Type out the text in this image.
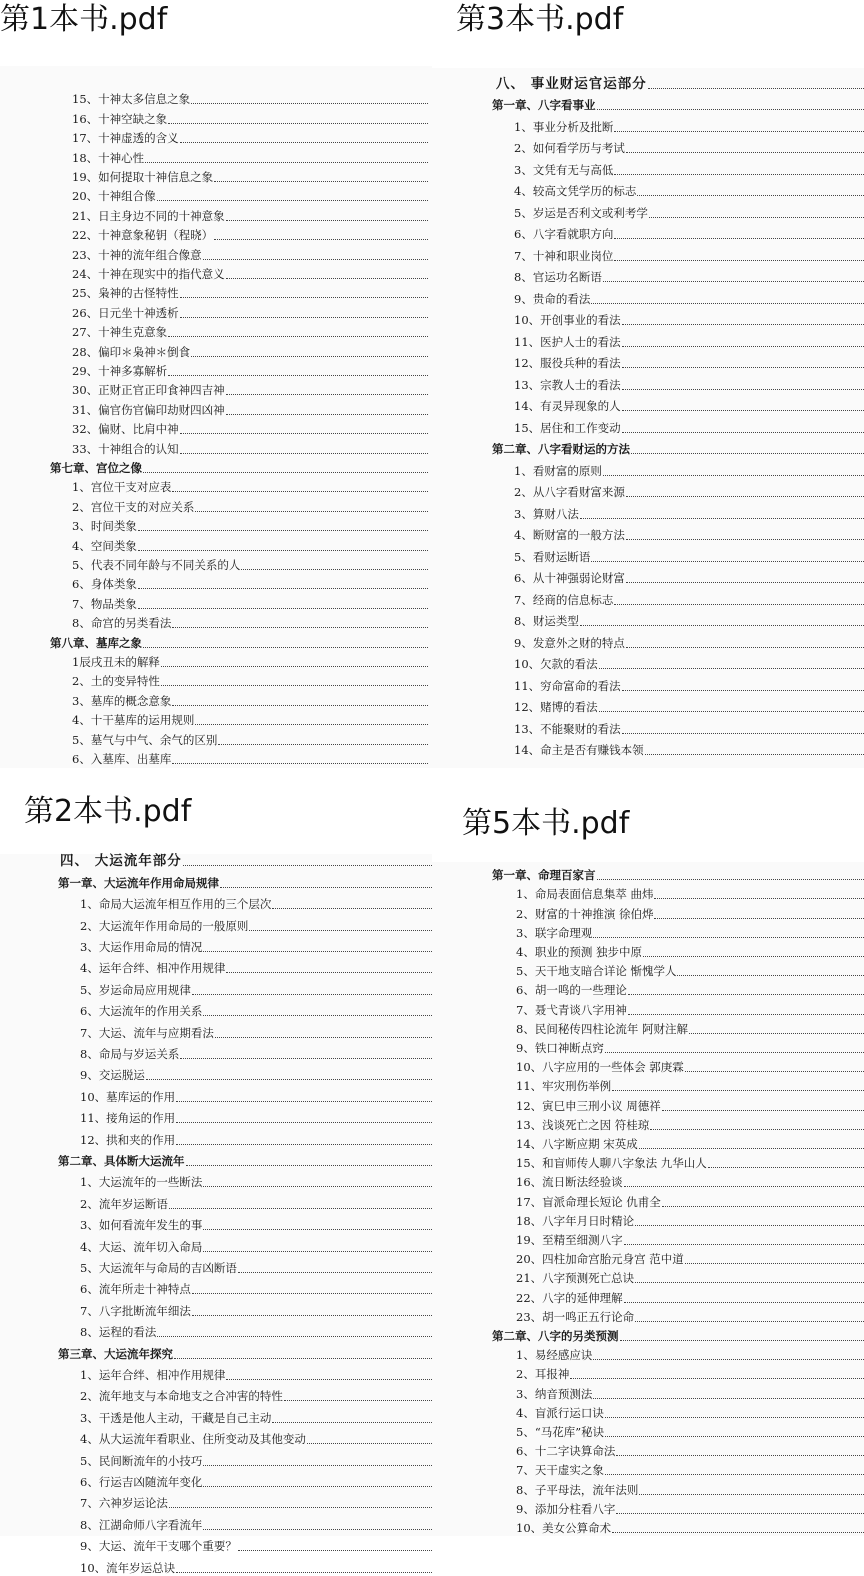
第1本书.pdf
15、十神太多信息之象
16、十神空缺之象
17、十神虚透的含义
18、十神心性
19、如何提取十神信息之象
20、十神组合像
21、日主身边不同的十神意象
22、十神意象秘钥（程晓）
23、十神的流年组合像意
24、十神在现实中的指代意义
25、枭神的古怪特性
26、日元坐十神透析
27、十神生克意象
28、偏印＊枭神＊倒食
29、十神多寡解析
30、正财正官正印食神四吉神
31、偏官伤官偏印劫财四凶神
32、偏财、比肩中神
33、十神组合的认知
第七章、宫位之像
1、宫位干支对应表
2、宫位干支的对应关系
3、时间类象
4、空间类象
5、代表不同年龄与不同关系的人
6、身体类象
7、物品类象
8、命宫的另类看法
第八章、墓库之象
1辰戌丑未的解释
2、土的变异特性
3、墓库的概念意象
4、十干墓库的运用规则
5、墓气与中气、余气的区别
6、入墓库、出墓库
第3本书.pdf
八、 事业财运官运部分
第一章、八字看事业
1、事业分析及批断
2、如何看学历与考试
3、文凭有无与高低
4、较高文凭学历的标志
5、岁运是否利文或利考学
6、八字看就职方向
7、十神和职业岗位
8、官运功名断语
9、贵命的看法
10、开创事业的看法
11、医护人士的看法
12、服役兵种的看法
13、宗教人士的看法
14、有灵异现象的人
15、居住和工作变动
第二章、八字看财运的方法
1、看财富的原则
2、从八字看财富来源
3、算财八法
4、断财富的一般方法
5、看财运断语
6、从十神强弱论财富
7、经商的信息标志
8、财运类型
9、发意外之财的特点
10、欠款的看法
11、穷命富命的看法
12、赌博的看法
13、不能聚财的看法
14、命主是否有赚钱本领
第2本书.pdf
四、 大运流年部分
第一章、大运流年作用命局规律
1、命局大运流年相互作用的三个层次
2、大运流年作用命局的一般原则
3、大运作用命局的情况
4、运年合绊、相冲作用规律
5、岁运命局应用规律
6、大运流年的作用关系
7、大运、流年与应期看法
8、命局与岁运关系
9、交运脱运
10、墓库运的作用
11、接角运的作用
12、拱和夹的作用
第二章、具体断大运流年
1、大运流年的一些断法
2、流年岁运断语
3、如何看流年发生的事
4、大运、流年切入命局
5、大运流年与命局的吉凶断语
6、流年所走十神特点
7、八字批断流年细法
8、运程的看法
第三章、大运流年探究
1、运年合绊、相冲作用规律
2、流年地支与本命地支之合冲害的特性
3、干透是他人主动，干藏是自己主动
4、从大运流年看职业、住所变动及其他变动
5、民间断流年的小技巧
6、行运吉凶随流年变化
7、六神岁运论法
8、江湖命师八字看流年
9、大运、流年干支哪个重要？
10、流年岁运总诀
第5本书.pdf
第一章、命理百家言
1、命局表面信息集萃 曲炜
2、财富的十神推演 徐伯烨
3、联字命理观
4、职业的预测 独步中原
5、天干地支暗合详论 惭愧学人
6、胡一鸣的一些理论
7、聂弋青谈八字用神
8、民间秘传四柱论流年 阿财注解
9、铁口神断点窍
10、八字应用的一些体会 郭庚霖
11、牢灾刑伤举例
12、寅巳申三刑小议 周德祥
13、浅谈死亡之因 符桂琼
14、八字断应期 宋英成
15、和盲师传人聊八字象法 九华山人
16、流日断法经验谈
17、盲派命理长短论 仇甫全
18、八字年月日时精论
19、至精至细测八字
20、四柱加命宫胎元身宫 范中道
21、八字预测死亡总诀
22、八字的延伸理解
23、胡一鸣正五行论命
第二章、八字的另类预测
1、易经感应诀
2、耳报神
3、纳音预测法
4、盲派行运口诀
5、“马花库”秘诀
6、十二字诀算命法
7、天干虚实之象
8、子平母法，流年法则
9、添加分柱看八字
10、美女公算命术
